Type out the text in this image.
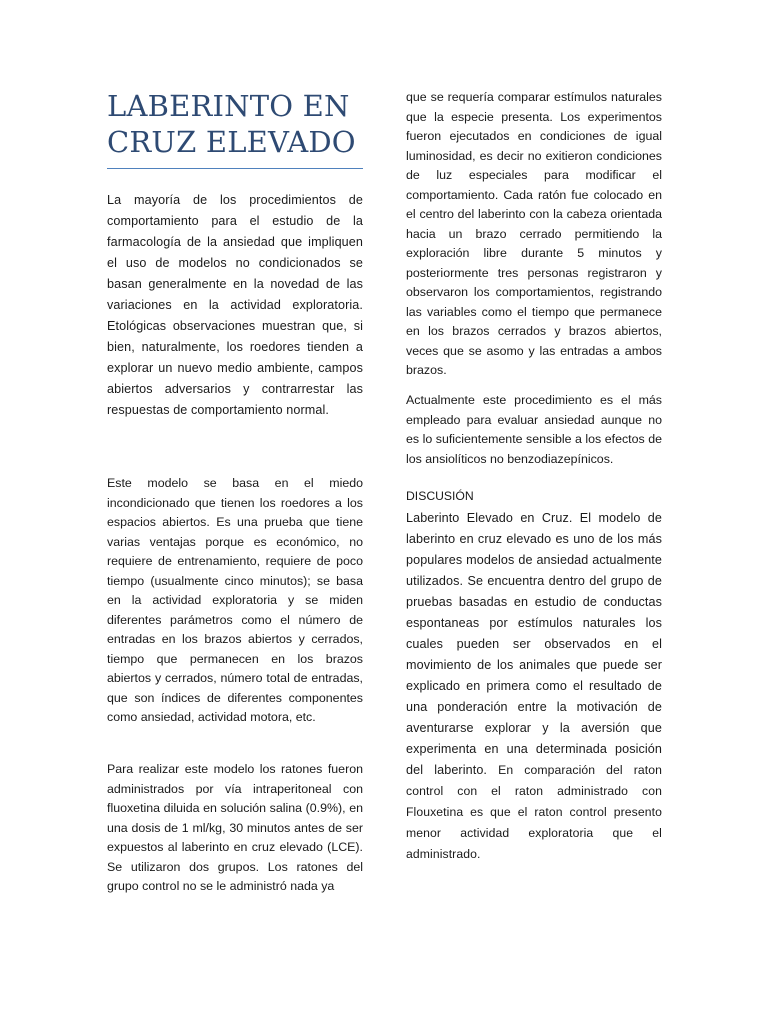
LABERINTO EN CRUZ ELEVADO

La mayoría de los procedimientos de comportamiento para el estudio de la farmacología de la ansiedad que impliquen el uso de modelos no condicionados se basan generalmente en la novedad de las variaciones en la actividad exploratoria. Etológicas observaciones muestran que, si bien, naturalmente, los roedores tienden a explorar un nuevo medio ambiente, campos abiertos adversarios y contrarrestar las respuestas de comportamiento normal.

Este modelo se basa en el miedo incondicionado que tienen los roedores a los espacios abiertos. Es una prueba que tiene varias ventajas porque es económico, no requiere de entrenamiento, requiere de poco tiempo (usualmente cinco minutos); se basa en la actividad exploratoria y se miden diferentes parámetros como el número de entradas en los brazos abiertos y cerrados, tiempo que permanecen en los brazos abiertos y cerrados, número total de entradas, que son índices de diferentes componentes como ansiedad, actividad motora, etc.

Para realizar este modelo los ratones fueron administrados por vía intraperitoneal con fluoxetina diluida en solución salina (0.9%), en una dosis de 1 ml/kg, 30 minutos antes de ser expuestos al laberinto en cruz elevado (LCE). Se utilizaron dos grupos. Los ratones del grupo control no se le administró nada ya

que se requería comparar estímulos naturales que la especie presenta. Los experimentos fueron ejecutados en condiciones de igual luminosidad, es decir no exitieron condiciones de luz especiales para modificar el comportamiento. Cada ratón fue colocado en el centro del laberinto con la cabeza orientada hacia un brazo cerrado permitiendo la exploración libre durante 5 minutos y posteriormente tres personas registraron y observaron los comportamientos, registrando las variables como el tiempo que permanece en los brazos cerrados y brazos abiertos, veces que se asomo y las entradas a ambos brazos.

Actualmente este procedimiento es el más empleado para evaluar ansiedad aunque no es lo suficientemente sensible a los efectos de los ansiolíticos no benzodiazepínicos.

DISCUSIÓN

Laberinto Elevado en Cruz. El modelo de laberinto en cruz elevado es uno de los más populares modelos de ansiedad actualmente utilizados. Se encuentra dentro del grupo de pruebas basadas en estudio de conductas espontaneas por estímulos naturales los cuales pueden ser observados en el movimiento de los animales que puede ser explicado en primera como el resultado de una ponderación entre la motivación de aventurarse explorar y la aversión que experimenta en una determinada posición del laberinto. En comparación del raton control con el raton administrado con Flouxetina es que el raton control presento menor actividad exploratoria que el administrado.
